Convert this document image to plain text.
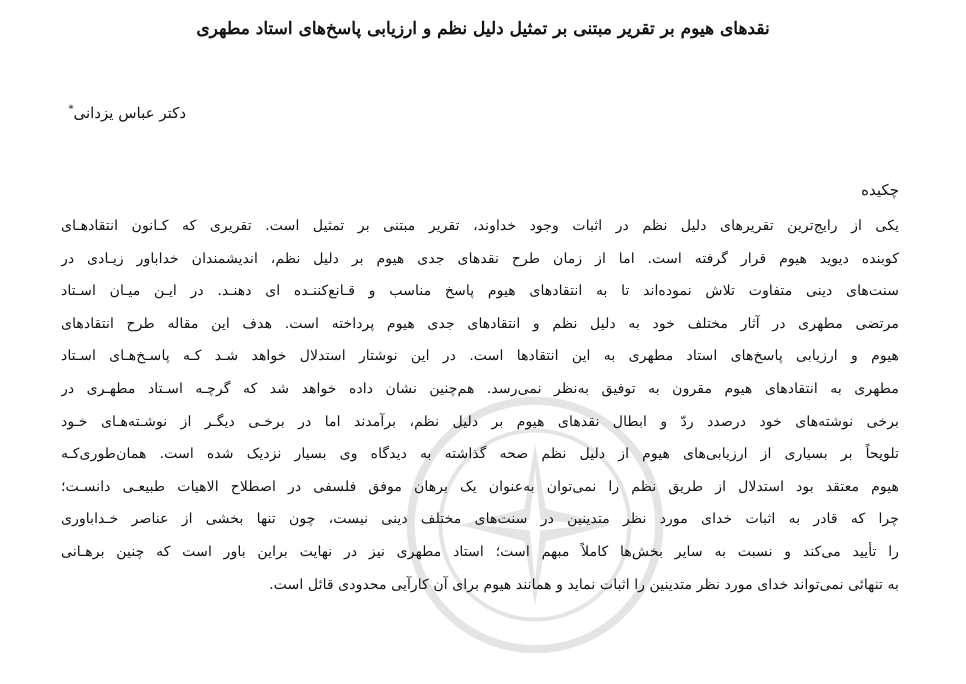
نقدهای هیوم بر تقریر مبتنی بر تمثیل دلیل نظم و ارزیابی پاسخ‌های استاد مطهری
دکتر عباس یزدانی*
چکیده
یکی از رایج‌ترین تقریرهای دلیل نظم در اثبات وجود خداوند، تقریر مبتنی بر تمثیل است. تقریری که کـانون انتقادهـای
کوبنده دیوید هیوم قرار گرفته است. اما از زمان طرح نقدهای جدی هیوم بر دلیل نظم، اندیشمندان خداباور زیـادی در
سنت‌های دینی متفاوت تلاش نموده‌اند تا به انتقادهای هیوم پاسخ مناسب و قـانع‌کننـده ای دهنـد. در ایـن میـان اسـتاد
مرتضی مطهری در آثار مختلف خود به دلیل نظم و انتقادهای جدی هیوم پرداخته است. هدف این مقاله طرح انتقادهای
هیوم و ارزیابی پاسخ‌های استاد مطهری به این انتقادها است. در این نوشتار استدلال خواهد شـد کـه پاسـخ‌هـای اسـتاد
مطهری به انتقادهای هیوم مقرون به توفیق به‌نظر نمی‌رسد. هم‌چنین نشان داده خواهد شد که گرچـه اسـتاد مطهـری در
برخی نوشته‌های خود درصدد ردّ و ابطال نقدهای هیوم بر دلیل نظم، برآمدند اما در برخـی دیگـر از نوشـته‌هـای خـود
تلویحاً بر بسیاری از ارزیابی‌های هیوم از دلیل نظم صحه گذاشته به دیدگاه وی بسیار نزدیک شده است. همان‌طوری‌کـه
هیوم معتقد بود استدلال از طریق نظم را نمی‌توان به‌عنوان یک برهان موفق فلسفی در اصطلاح الاهیات طبیعـی دانسـت؛
چرا که قادر به اثبات خدای مورد نظر متدینین در سنت‌های مختلف دینی نیست، چون تنها بخشی از عناصر خـداباوری
را تأیید می‌کند و نسبت به سایر بخش‌ها کاملاً مبهم است؛ استاد مطهری نیز در نهایت براین باور است که چنین برهـانی
به تنهائی نمی‌تواند خدای مورد نظر متدینین را اثبات نماید و همانند هیوم برای آن کارآیی محدودی قائل است.
